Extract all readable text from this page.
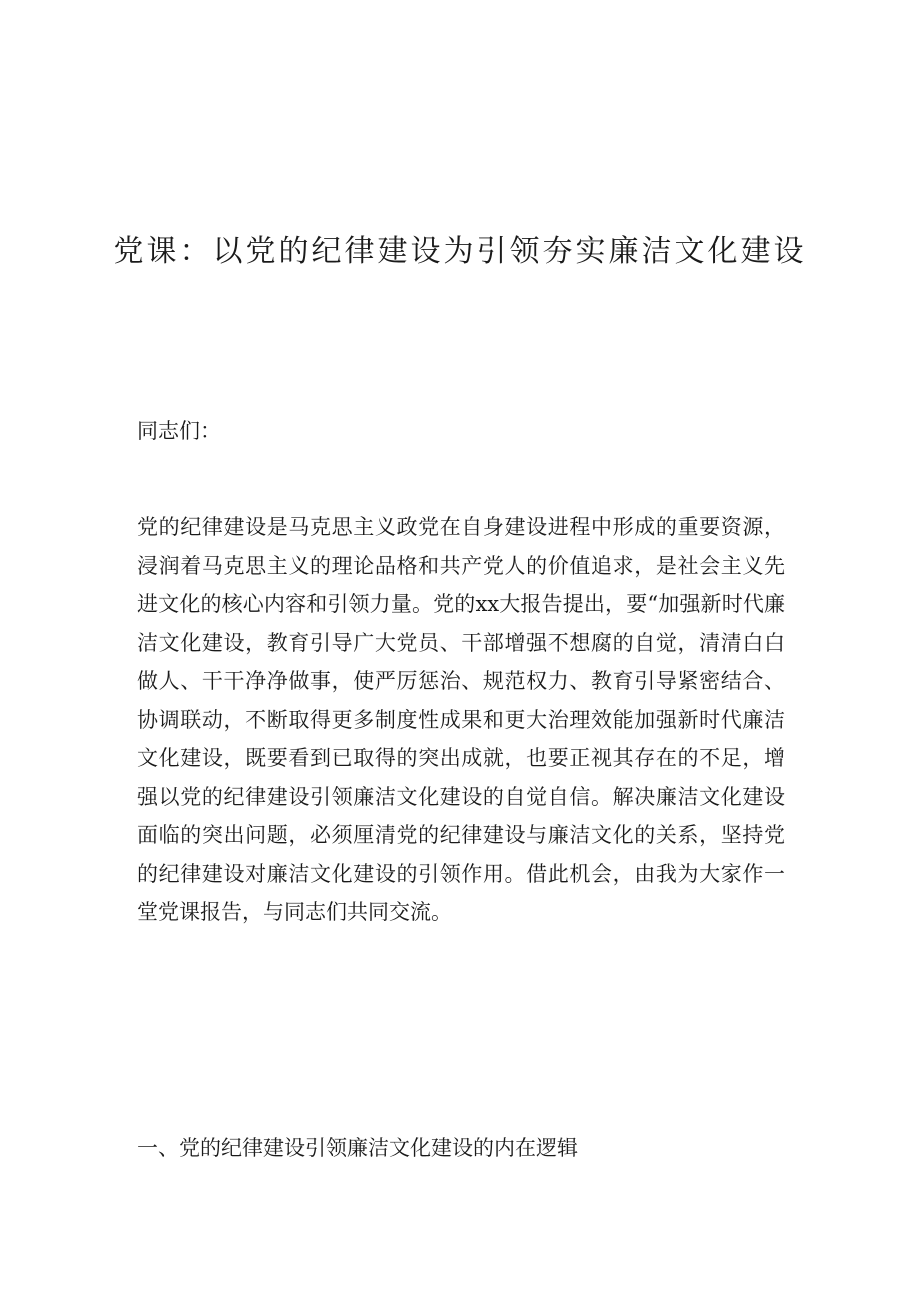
党课：以党的纪律建设为引领夯实廉洁文化建设

同志们：

党的纪律建设是马克思主义政党在自身建设进程中形成的重要资源，浸润着马克思主义的理论品格和共产党人的价值追求，是社会主义先进文化的核心内容和引领力量。党的xx大报告提出，要“加强新时代廉洁文化建设，教育引导广大党员、干部增强不想腐的自觉，清清白白做人、干干净净做事，使严厉惩治、规范权力、教育引导紧密结合、协调联动，不断取得更多制度性成果和更大治理效能加强新时代廉洁文化建设，既要看到已取得的突出成就，也要正视其存在的不足，增强以党的纪律建设引领廉洁文化建设的自觉自信。解决廉洁文化建设面临的突出问题，必须厘清党的纪律建设与廉洁文化的关系，坚持党的纪律建设对廉洁文化建设的引领作用。借此机会，由我为大家作一堂党课报告，与同志们共同交流。

一、党的纪律建设引领廉洁文化建设的内在逻辑
